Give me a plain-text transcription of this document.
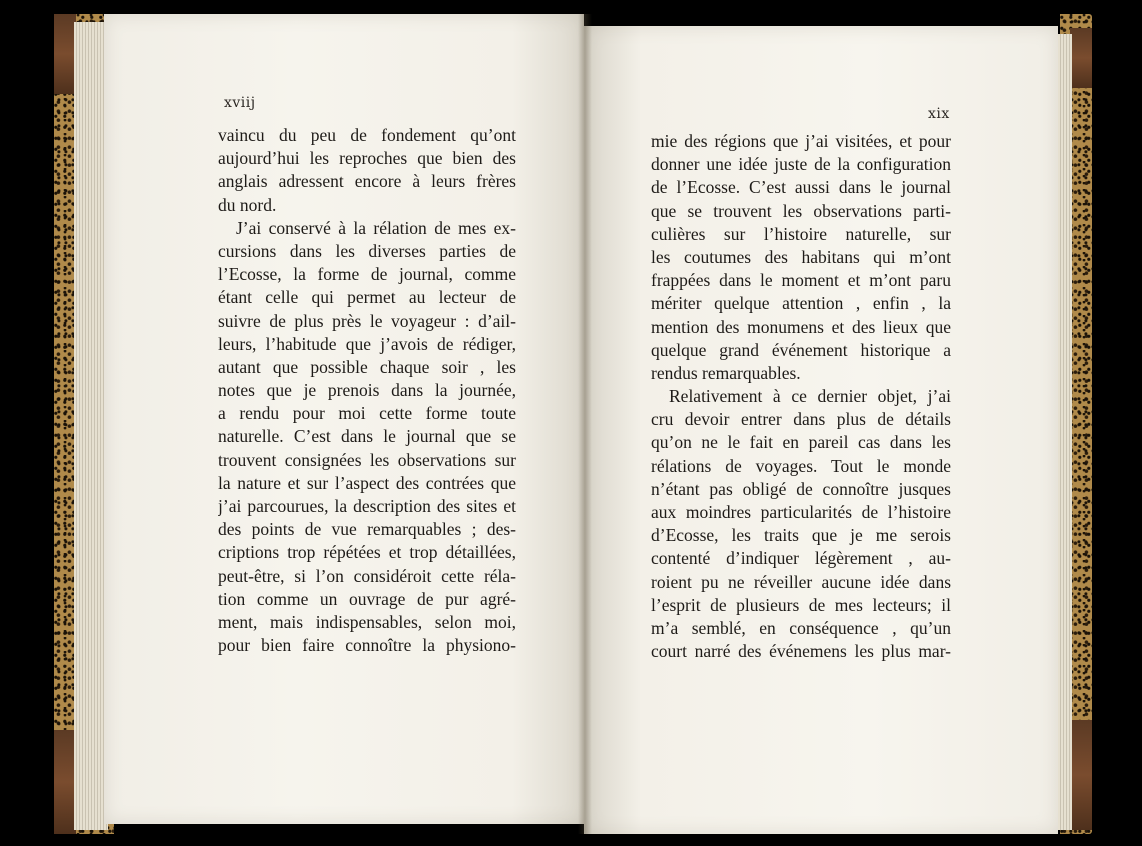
xviij
xix
vaincu du peu de fondement qu’ont
aujourd’hui les reproches que bien des
anglais adressent encore à leurs frères
du nord.
J’ai conservé à la rélation de mes ex-
cursions dans les diverses parties de
l’Ecosse, la forme de journal, comme
étant celle qui permet au lecteur de
suivre de plus près le voyageur : d’ail-
leurs, l’habitude que j’avois de rédiger,
autant que possible chaque soir , les
notes que je prenois dans la journée,
a rendu pour moi cette forme toute
naturelle. C’est dans le journal que se
trouvent consignées les observations sur
la nature et sur l’aspect des contrées que
j’ai parcourues, la description des sites et
des points de vue remarquables ; des-
criptions trop répétées et trop détaillées,
peut-être, si l’on considéroit cette réla-
tion comme un ouvrage de pur agré-
ment, mais indispensables, selon moi,
pour bien faire connoître la physiono-
mie des régions que j’ai visitées, et pour
donner une idée juste de la configuration
de l’Ecosse. C’est aussi dans le journal
que se trouvent les observations parti-
culières sur l’histoire naturelle, sur
les coutumes des habitans qui m’ont
frappées dans le moment et m’ont paru
mériter quelque attention , enfin , la
mention des monumens et des lieux que
quelque grand événement historique a
rendus remarquables.
Relativement à ce dernier objet, j’ai
cru devoir entrer dans plus de détails
qu’on ne le fait en pareil cas dans les
rélations de voyages. Tout le monde
n’étant pas obligé de connoître jusques
aux moindres particularités de l’histoire
d’Ecosse, les traits que je me serois
contenté d’indiquer légèrement , au-
roient pu ne réveiller aucune idée dans
l’esprit de plusieurs de mes lecteurs; il
m’a semblé, en conséquence , qu’un
court narré des événemens les plus mar-
